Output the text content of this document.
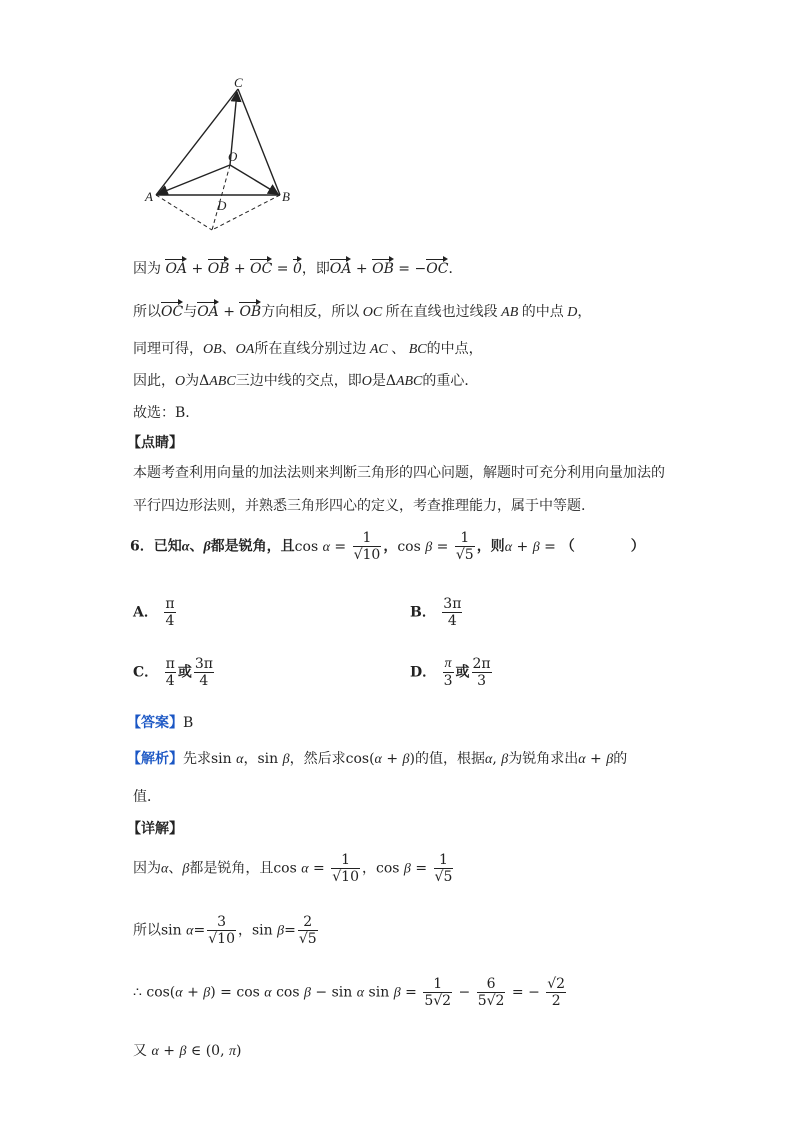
C
O
A
D
B
因为 OA + OB + OC = 0，即OA + OB = −OC．
所以OC与OA + OB方向相反，所以 OC 所在直线也过线段 AB 的中点 D，
同理可得，OB、OA所在直线分别过边 AC 、 BC的中点，
因此，O为ΔABC三边中线的交点，即O是ΔABC的重心．
故选：B.
【点睛】
本题考查利用向量的加法法则来判断三角形的四心问题，解题时可充分利用向量加法的
平行四边形法则，并熟悉三角形四心的定义，考查推理能力，属于中等题.
6．已知α、β都是锐角，且$\cos \alpha = \frac{1}{√10}$ ，$\cos \beta = \frac{1}{√5}$ ，则α + β = （　　　　）
A． $\frac{\pi}{4}$	B． $\frac{3\pi}{4}$
C． $\frac{\pi}{4}$ 或 $\frac{3\pi}{4}$	D． $\frac{\pi}{3}$ 或 $\frac{2\pi}{3}$
【答案】B
【解析】先求sin α，sin β，然后求cos(α + β)的值，根据α, β为锐角求出α + β的
值．
【详解】
因为α、β都是锐角，且$\cos \alpha = \frac{1}{√10}$ ，$\cos \beta = \frac{1}{√5}$
所以$\sin \alpha= \frac{3}{√10}$ ，$\sin \beta= \frac{2}{√5}$
∴ cos(α + β) = cos α cos β − sin α $\sin \beta = \frac{1}{5√2} - \frac{6}{5√2}$ = − $\frac{√2}{2}$
又 α + β ∈ (0, π)
